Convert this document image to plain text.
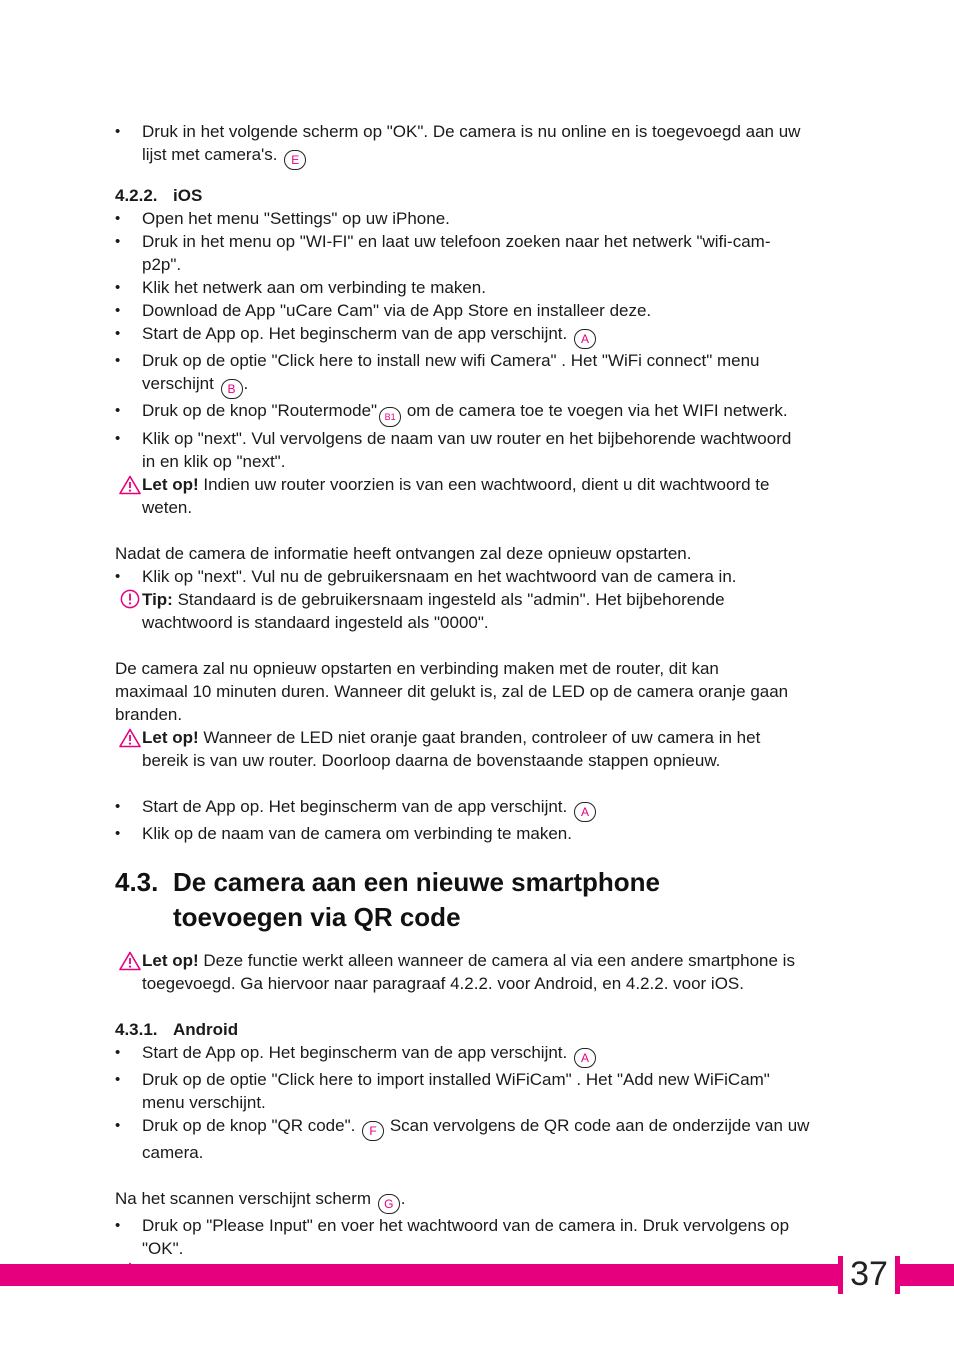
• Druk in het volgende scherm op "OK". De camera is nu online en is toegevoegd aan uw
lijst met camera's. E
4.2.2. iOS
• Open het menu "Settings" op uw iPhone.
• Druk in het menu op "WI-FI" en laat uw telefoon zoeken naar het netwerk "wifi-cam-
p2p".
• Klik het netwerk aan om verbinding te maken.
• Download de App "uCare Cam" via de App Store en installeer deze.
• Start de App op. Het beginscherm van de app verschijnt. A
• Druk op de optie "Click here to install new wifi Camera" . Het "WiFi connect" menu
verschijnt B .
• Druk op de knop "Routermode" B1 om de camera toe te voegen via het WIFI netwerk.
• Klik op "next". Vul vervolgens de naam van uw router en het bijbehorende wachtwoord
in en klik op "next".
Let op! Indien uw router voorzien is van een wachtwoord, dient u dit wachtwoord te
weten.
Nadat de camera de informatie heeft ontvangen zal deze opnieuw opstarten.
• Klik op "next". Vul nu de gebruikersnaam en het wachtwoord van de camera in.
Tip: Standaard is de gebruikersnaam ingesteld als "admin". Het bijbehorende
wachtwoord is standaard ingesteld als "0000".
De camera zal nu opnieuw opstarten en verbinding maken met de router, dit kan
maximaal 10 minuten duren. Wanneer dit gelukt is, zal de LED op de camera oranje gaan
branden.
Let op! Wanneer de LED niet oranje gaat branden, controleer of uw camera in het
bereik is van uw router. Doorloop daarna de bovenstaande stappen opnieuw.
• Start de App op. Het beginscherm van de app verschijnt. A
• Klik op de naam van de camera om verbinding te maken.
4.3. De camera aan een nieuwe smartphone
toevoegen via QR code
Let op! Deze functie werkt alleen wanneer de camera al via een andere smartphone is
toegevoegd. Ga hiervoor naar paragraaf 4.2.2. voor Android, en 4.2.2. voor iOS.
4.3.1. Android
• Start de App op. Het beginscherm van de app verschijnt. A
• Druk op de optie "Click here to import installed WiFiCam" . Het "Add new WiFiCam"
menu verschijnt.
• Druk op de knop "QR code". F Scan vervolgens de QR code aan de onderzijde van uw
camera.
Na het scannen verschijnt scherm G .
• Druk op "Please Input" en voer het wachtwoord van de camera in. Druk vervolgens op
"OK".
37
